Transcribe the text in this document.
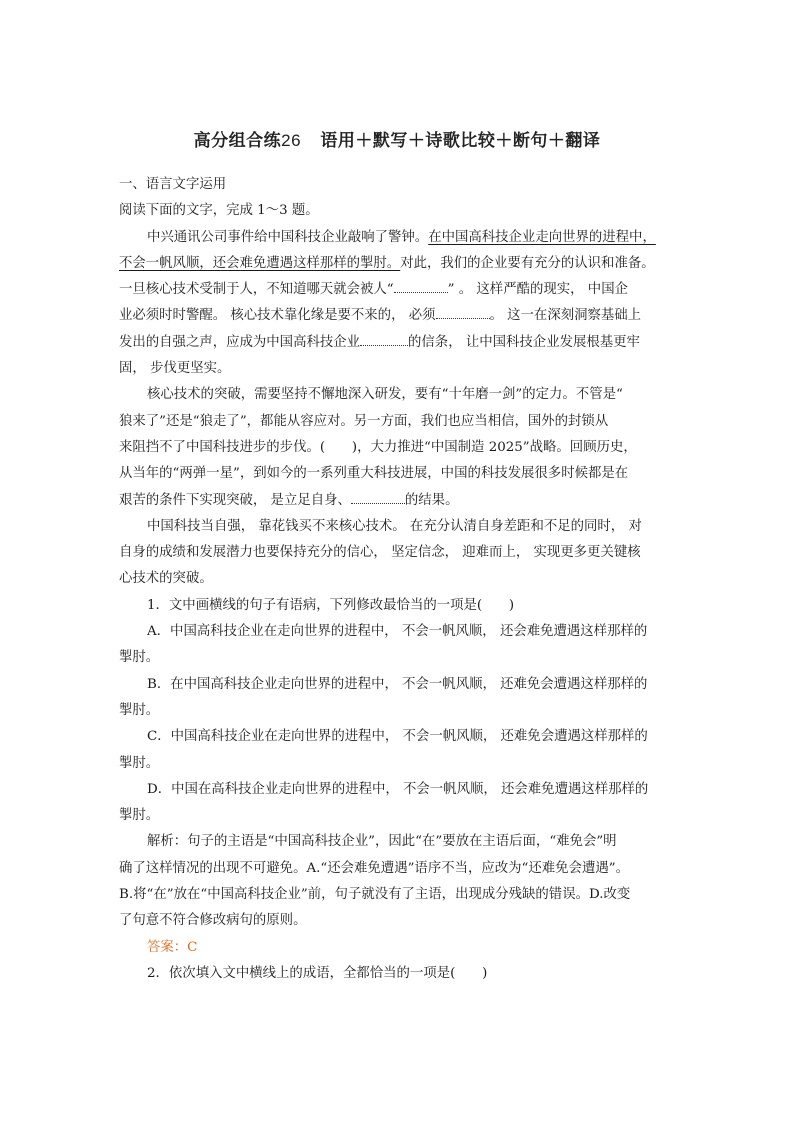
高分组合练26 语用＋默写＋诗歌比较＋断句＋翻译
一、语言文字运用
阅读下面的文字，完成 1～3 题。
中兴通讯公司事件给中国科技企业敲响了警钟。在中国高科技企业走向世界的进程中，
不会一帆风顺，还会难免遭遇这样那样的掣肘。对此，我们的企业要有充分的认识和准备。
一旦核心技术受制于人，不知道哪天就会被人“	” 。 这样严酷的现实， 中国企
业必须时时警醒。 核心技术靠化缘是要不来的， 必须	。 这一在深刻洞察基础上
发出的自强之声，应成为中国高科技企业	的信条， 让中国科技企业发展根基更牢
固， 步伐更坚实。
核心技术的突破，需要坚持不懈地深入研发，要有“十年磨一剑”的定力。不管是“
狼来了”还是“狼走了”，都能从容应对。另一方面，我们也应当相信，国外的封锁从
来阻挡不了中国科技进步的步伐。(　　)，大力推进“中国制造 2025”战略。回顾历史，
从当年的“两弹一星”，到如今的一系列重大科技进展，中国的科技发展很多时候都是在
艰苦的条件下实现突破， 是立足自身、	的结果。
中国科技当自强， 靠花钱买不来核心技术。 在充分认清自身差距和不足的同时， 对
自身的成绩和发展潜力也要保持充分的信心， 坚定信念， 迎难而上， 实现更多更关键核
心技术的突破。
1．文中画横线的句子有语病，下列修改最恰当的一项是(　　)
A．中国高科技企业在走向世界的进程中， 不会一帆风顺， 还会难免遭遇这样那样的
掣肘。
B．在中国高科技企业走向世界的进程中， 不会一帆风顺， 还难免会遭遇这样那样的
掣肘。
C．中国高科技企业在走向世界的进程中， 不会一帆风顺， 还难免会遭遇这样那样的
掣肘。
D．中国在高科技企业走向世界的进程中， 不会一帆风顺， 还会难免遭遇这样那样的
掣肘。
解析：句子的主语是“中国高科技企业”，因此“在”要放在主语后面，“难免会”明
确了这样情况的出现不可避免。A.“还会难免遭遇”语序不当，应改为“还难免会遭遇”。
B.将“在”放在“中国高科技企业”前，句子就没有了主语，出现成分残缺的错误。D.改变
了句意不符合修改病句的原则。
答案：C
2．依次填入文中横线上的成语，全都恰当的一项是(　　)
